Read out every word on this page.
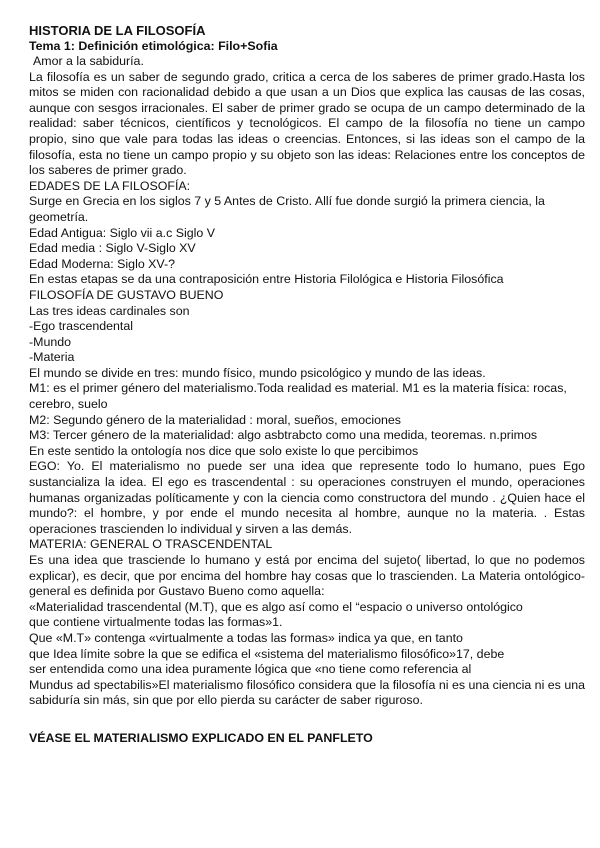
HISTORIA DE LA FILOSOFÍA

Tema 1: Definición etimológica: Filo+Sofia

Amor a la sabiduría.

La filosofía es un saber de segundo grado, critica a cerca de los saberes de primer grado.Hasta los mitos se miden con racionalidad debido a que usan a un Dios que explica las causas de las cosas, aunque con sesgos irracionales. El saber de primer grado se ocupa de un campo determinado de la realidad: saber técnicos, científicos y tecnológicos. El campo de la filosofía no tiene un campo propio, sino que vale para todas las ideas o creencias. Entonces, si las ideas son el campo de la filosofía, esta no tiene un campo propio y su objeto son las ideas: Relaciones entre los conceptos de los saberes de primer grado.

EDADES DE LA FILOSOFÍA:

Surge en Grecia en los siglos 7 y 5 Antes de Cristo. Allí fue donde surgió la primera ciencia, la geometría.

Edad Antigua: Siglo vii a.c Siglo V

Edad media : Siglo V-Siglo XV

Edad Moderna: Siglo XV-?

En estas etapas se da una contraposición entre Historia Filológica e Historia Filosófica

FILOSOFÍA DE GUSTAVO BUENO

Las tres ideas cardinales son

-Ego trascendental

-Mundo

-Materia

El mundo se divide en tres: mundo físico, mundo psicológico y mundo de las ideas.

M1: es el primer género del materialismo.Toda realidad es material. M1 es la materia física: rocas, cerebro, suelo

M2: Segundo género de la materialidad : moral, sueños, emociones

M3: Tercer género de la materialidad: algo asbtrabcto como una medida, teoremas. n.primos

En este sentido la ontología nos dice que solo existe lo que percibimos

EGO: Yo. El materialismo no puede ser una idea que represente todo lo humano, pues Ego sustancializa la idea. El ego es trascendental : su operaciones construyen el mundo, operaciones humanas organizadas políticamente y con la ciencia como constructora del mundo . ¿Quien hace el mundo?: el hombre, y por ende el mundo necesita al hombre, aunque no la materia. . Estas operaciones trascienden lo individual y sirven a las demás.

MATERIA: GENERAL O TRASCENDENTAL

Es una idea que trasciende lo humano y está por encima del sujeto( libertad, lo que no podemos explicar), es decir, que por encima del hombre hay cosas que lo trascienden. La Materia ontológico-general es definida por Gustavo Bueno como aquella:

«Materialidad trascendental (M.T), que es algo así como el “espacio o universo ontológico

que contiene virtualmente todas las formas»1.

Que «M.T» contenga «virtualmente a todas las formas» indica ya que, en tanto

que Idea límite sobre la que se edifica el «sistema del materialismo filosófico»17, debe

ser entendida como una idea puramente lógica que «no tiene como referencia al

Mundus ad spectabilis»El materialismo filosófico considera que la filosofía ni es una ciencia ni es una sabiduría sin más, sin que por ello pierda su carácter de saber riguroso.

VÉASE EL MATERIALISMO EXPLICADO EN EL PANFLETO
